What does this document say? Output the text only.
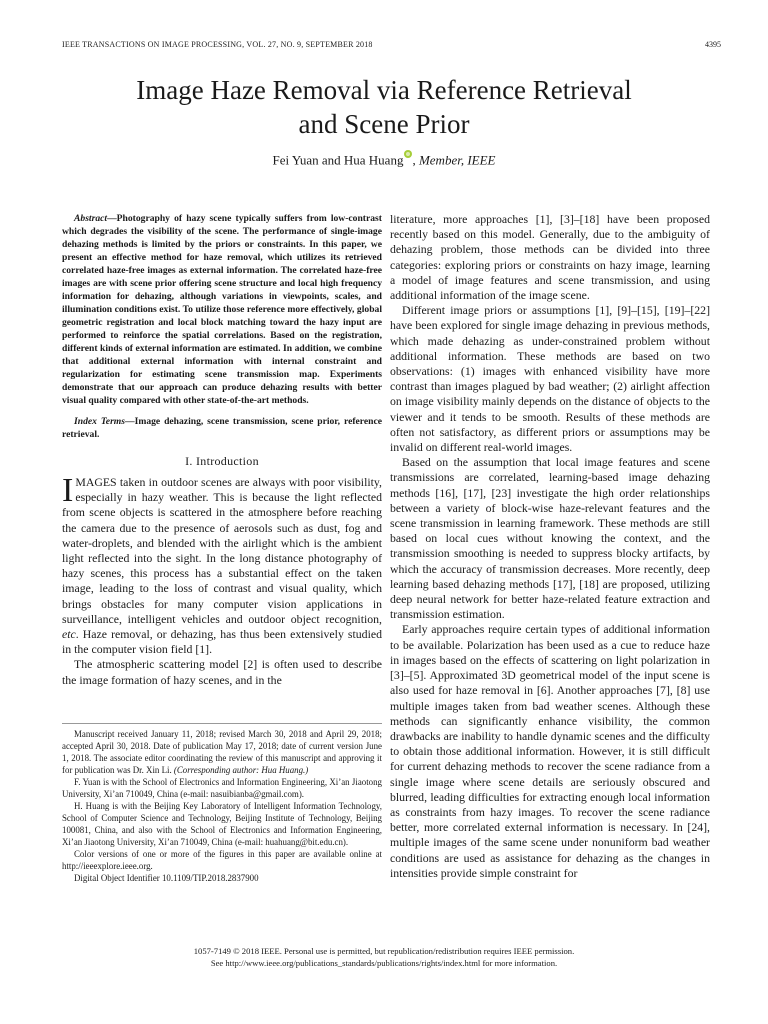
IEEE TRANSACTIONS ON IMAGE PROCESSING, VOL. 27, NO. 9, SEPTEMBER 2018	4395
Image Haze Removal via Reference Retrieval
and Scene Prior
Fei Yuan and Hua Huang , Member, IEEE

Abstract—Photography of hazy scene typically suffers from low-contrast which degrades the visibility of the scene. The performance of single-image dehazing methods is limited by the priors or constraints. In this paper, we present an effective method for haze removal, which utilizes its retrieved correlated haze-free images as external information. The correlated haze-free images are with scene prior offering scene structure and local high frequency information for dehazing, although variations in viewpoints, scales, and illumination conditions exist. To utilize those reference more effectively, global geometric registration and local block matching toward the hazy input are performed to reinforce the spatial correlations. Based on the registration, different kinds of external information are estimated. In addition, we combine that additional external information with internal constraint and regularization for estimating scene transmission map. Experiments demonstrate that our approach can produce dehazing results with better visual quality compared with other state-of-the-art methods.

Index Terms—Image dehazing, scene transmission, scene prior, reference retrieval.

I. Introduction

IMAGES taken in outdoor scenes are always with poor visibility, especially in hazy weather. This is because the light reflected from scene objects is scattered in the atmosphere before reaching the camera due to the presence of aerosols such as dust, fog and water-droplets, and blended with the airlight which is the ambient light reflected into the sight. In the long distance photography of hazy scenes, this process has a substantial effect on the taken image, leading to the loss of contrast and visual quality, which brings obstacles for many computer vision applications in surveillance, intelligent vehicles and outdoor object recognition, etc. Haze removal, or dehazing, has thus been extensively studied in the computer vision field [1].

The atmospheric scattering model [2] is often used to describe the image formation of hazy scenes, and in the

Manuscript received January 11, 2018; revised March 30, 2018 and April 29, 2018; accepted April 30, 2018. Date of publication May 17, 2018; date of current version June 1, 2018. The associate editor coordinating the review of this manuscript and approving it for publication was Dr. Xin Li. (Corresponding author: Hua Huang.)

F. Yuan is with the School of Electronics and Information Engineering, Xi’an Jiaotong University, Xi’an 710049, China (e-mail: nasuibianba@gmail.com).

H. Huang is with the Beijing Key Laboratory of Intelligent Information Technology, School of Computer Science and Technology, Beijing Institute of Technology, Beijing 100081, China, and also with the School of Electronics and Information Engineering, Xi’an Jiaotong University, Xi’an 710049, China (e-mail: huahuang@bit.edu.cn).

Color versions of one or more of the figures in this paper are available online at http://ieeexplore.ieee.org.

Digital Object Identifier 10.1109/TIP.2018.2837900

literature, more approaches [1], [3]–[18] have been proposed recently based on this model. Generally, due to the ambiguity of dehazing problem, those methods can be divided into three categories: exploring priors or constraints on hazy image, learning a model of image features and scene transmission, and using additional information of the image scene.

Different image priors or assumptions [1], [9]–[15], [19]–[22] have been explored for single image dehazing in previous methods, which made dehazing as under-constrained problem without additional information. These methods are based on two observations: (1) images with enhanced visibility have more contrast than images plagued by bad weather; (2) airlight affection on image visibility mainly depends on the distance of objects to the viewer and it tends to be smooth. Results of these methods are often not satisfactory, as different priors or assumptions may be invalid on different real-world images.

Based on the assumption that local image features and scene transmissions are correlated, learning-based image dehazing methods [16], [17], [23] investigate the high order relationships between a variety of block-wise haze-relevant features and the scene transmission in learning framework. These methods are still based on local cues without knowing the context, and the transmission smoothing is needed to suppress blocky artifacts, by which the accuracy of transmission decreases. More recently, deep learning based dehazing methods [17], [18] are proposed, utilizing deep neural network for better haze-related feature extraction and transmission estimation.

Early approaches require certain types of additional information to be available. Polarization has been used as a cue to reduce haze in images based on the effects of scattering on light polarization in [3]–[5]. Approximated 3D geometrical model of the input scene is also used for haze removal in [6]. Another approaches [7], [8] use multiple images taken from bad weather scenes. Although these methods can significantly enhance visibility, the common drawbacks are inability to handle dynamic scenes and the difficulty to obtain those additional information. However, it is still difficult for current dehazing methods to recover the scene radiance from a single image where scene details are seriously obscured and blurred, leading difficulties for extracting enough local information as constraints from hazy images. To recover the scene radiance better, more correlated external information is necessary. In [24], multiple images of the same scene under nonuniform bad weather conditions are used as assistance for dehazing as the changes in intensities provide simple constraint for

1057-7149 © 2018 IEEE. Personal use is permitted, but republication/redistribution requires IEEE permission.
See http://www.ieee.org/publications_standards/publications/rights/index.html for more information.
